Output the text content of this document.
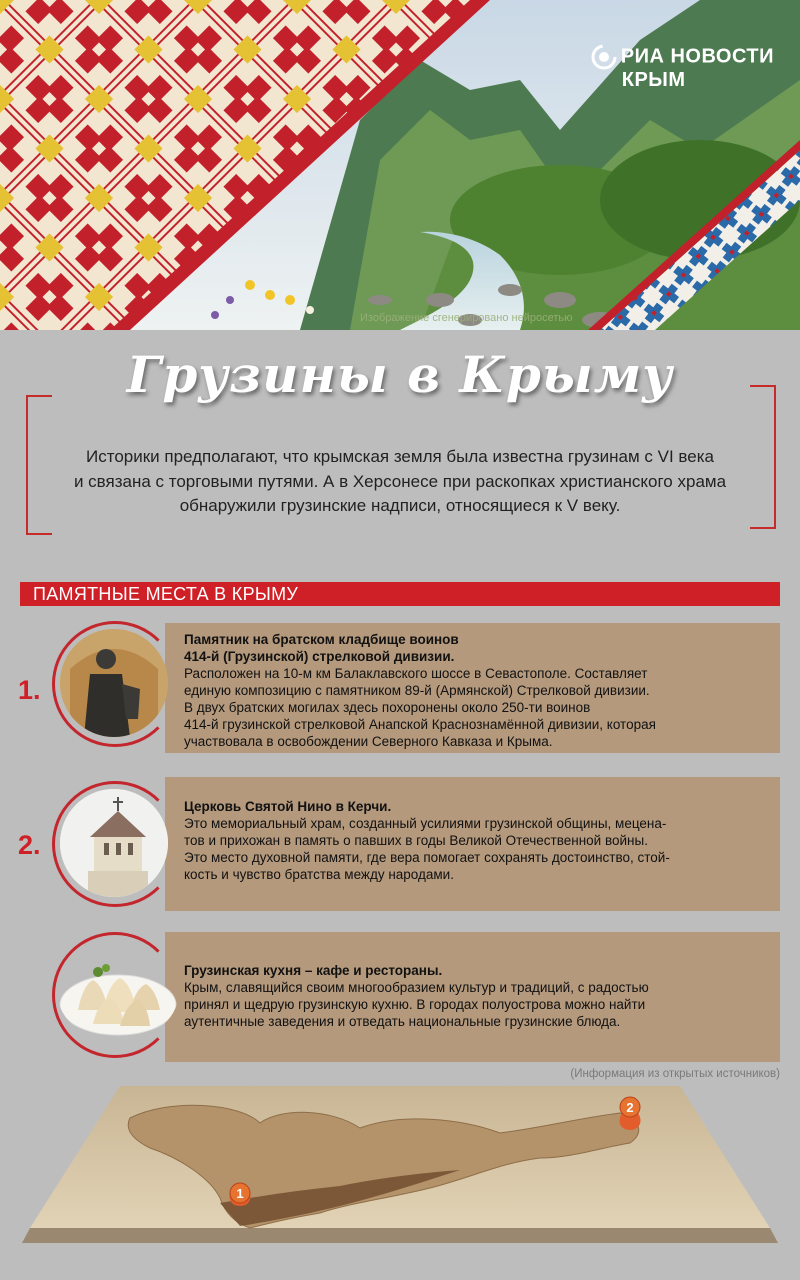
РИА НОВОСТИ
КРЫМ
Изображение сгенерировано нейросетью
Грузины в Крыму
Историки предполагают, что крымская земля была известна грузинам с VI века
и связана с торговыми путями. А в Херсонесе при раскопках христианского храма
обнаружили грузинские надписи, относящиеся к V веку.
ПАМЯТНЫЕ МЕСТА В КРЫМУ
Памятник на братском кладбище воинов
414-й (Грузинской) стрелковой дивизии.
Расположен на 10-м км Балаклавского шоссе в Севастополе. Составляет
единую композицию с памятником 89-й (Армянской) Стрелковой дивизии.
В двух братских могилах здесь похоронены около 250-ти воинов
414-й грузинской стрелковой Анапской Краснознамённой дивизии, которая
участвовала в освобождении Северного Кавказа и Крыма.
1.
Церковь Святой Нино в Керчи.
Это мемориальный храм, созданный усилиями грузинской общины, мецена-
тов и прихожан в память о павших в годы Великой Отечественной войны.
Это место духовной памяти, где вера помогает сохранять достоинство, стой-
кость и чувство братства между народами.
2.
Грузинская кухня – кафе и рестораны.
Крым, славящийся своим многообразием культур и традиций, с радостью
принял и щедрую грузинскую кухню. В городах полуострова можно найти
аутентичные заведения и отведать национальные грузинские блюда.
(Информация из открытых источников)
1
2
